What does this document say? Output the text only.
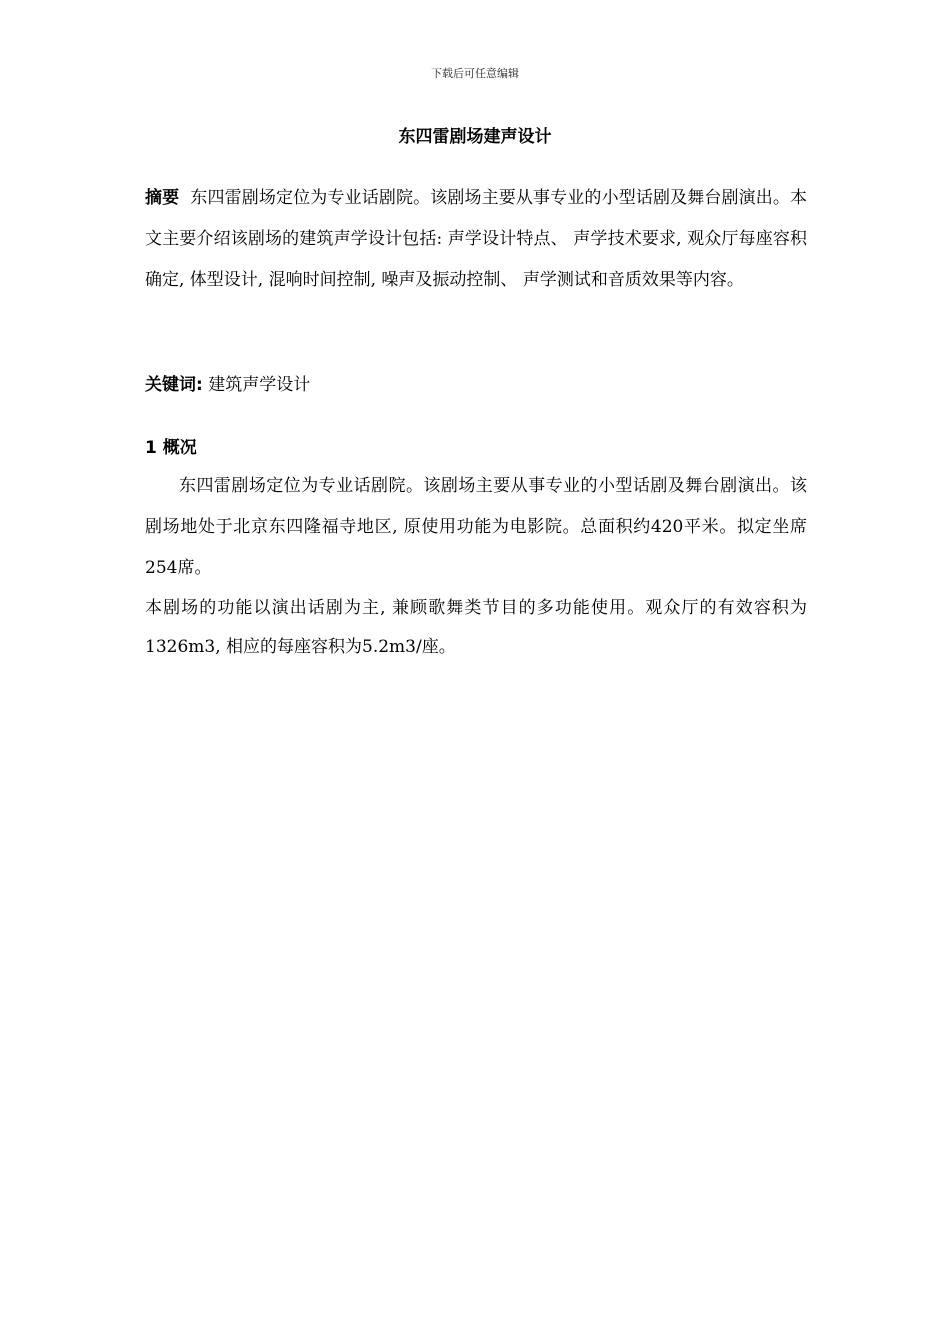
下载后可任意编辑
东四雷剧场建声设计
摘要 东四雷剧场定位为专业话剧院。该剧场主要从事专业的小型话剧及舞台剧演出。本文主要介绍该剧场的建筑声学设计包括: 声学设计特点、 声学技术要求, 观众厅每座容积确定, 体型设计, 混响时间控制, 噪声及振动控制、 声学测试和音质效果等内容。
关键词: 建筑声学设计
1 概况

东四雷剧场定位为专业话剧院。该剧场主要从事专业的小型话剧及舞台剧演出。该剧场地处于北京东四隆福寺地区, 原使用功能为电影院。总面积约420平米。拟定坐席254席。

本剧场的功能以演出话剧为主, 兼顾歌舞类节目的多功能使用。观众厅的有效容积为1326m3, 相应的每座容积为5.2m3/座。
